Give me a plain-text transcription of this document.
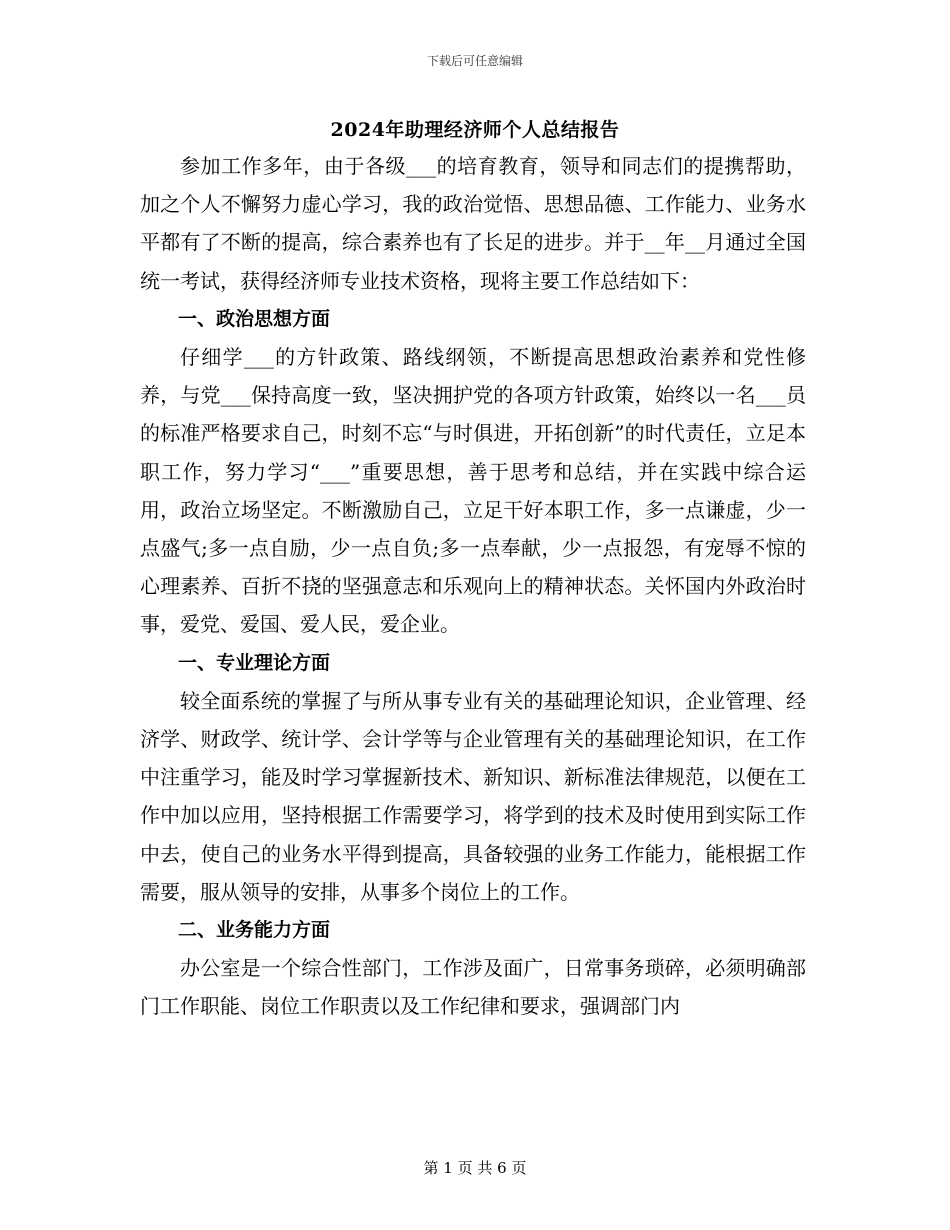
下载后可任意编辑
2024年助理经济师个人总结报告

参加工作多年，由于各级___的培育教育，领导和同志们的提携帮助，加之个人不懈努力虚心学习，我的政治觉悟、思想品德、工作能力、业务水平都有了不断的提高，综合素养也有了长足的进步。并于__年__月通过全国统一考试，获得经济师专业技术资格，现将主要工作总结如下：

一、政治思想方面

仔细学___的方针政策、路线纲领，不断提高思想政治素养和党性修养，与党___保持高度一致，坚决拥护党的各项方针政策，始终以一名___员的标准严格要求自己，时刻不忘“与时俱进，开拓创新”的时代责任，立足本职工作，努力学习“___”重要思想，善于思考和总结，并在实践中综合运用，政治立场坚定。不断激励自己，立足干好本职工作，多一点谦虚，少一点盛气;多一点自励，少一点自负;多一点奉献，少一点报怨，有宠辱不惊的心理素养、百折不挠的坚强意志和乐观向上的精神状态。关怀国内外政治时事，爱党、爱国、爱人民，爱企业。

一、专业理论方面

较全面系统的掌握了与所从事专业有关的基础理论知识，企业管理、经济学、财政学、统计学、会计学等与企业管理有关的基础理论知识，在工作中注重学习，能及时学习掌握新技术、新知识、新标准法律规范，以便在工作中加以应用，坚持根据工作需要学习，将学到的技术及时使用到实际工作中去，使自己的业务水平得到提高，具备较强的业务工作能力，能根据工作需要，服从领导的安排，从事多个岗位上的工作。

二、业务能力方面

办公室是一个综合性部门，工作涉及面广，日常事务琐碎，必须明确部门工作职能、岗位工作职责以及工作纪律和要求，强调部门内

第 1 页 共 6 页
